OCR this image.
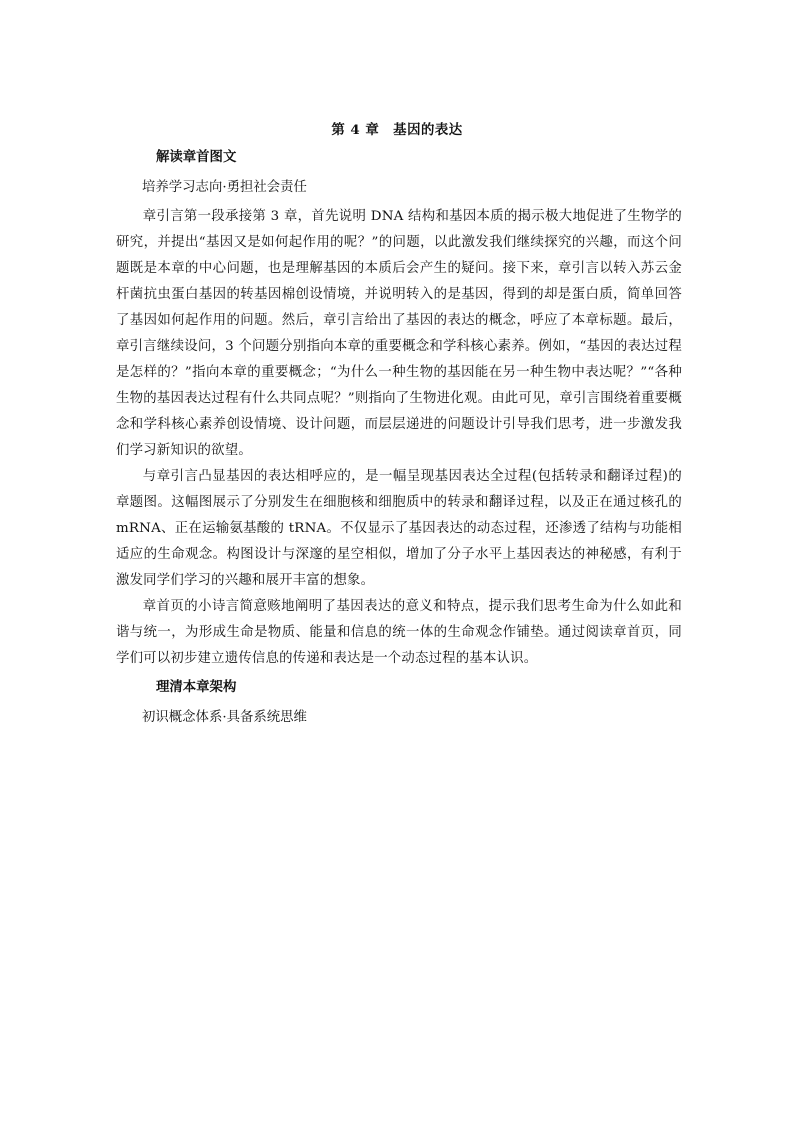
第 4 章　基因的表达
解读章首图文
培养学习志向·勇担社会责任

章引言第一段承接第 3 章，首先说明 DNA 结构和基因本质的揭示极大地促进了生物学的研究，并提出“基因又是如何起作用的呢？”的问题，以此激发我们继续探究的兴趣，而这个问题既是本章的中心问题，也是理解基因的本质后会产生的疑问。接下来，章引言以转入苏云金杆菌抗虫蛋白基因的转基因棉创设情境，并说明转入的是基因，得到的却是蛋白质，简单回答了基因如何起作用的问题。然后，章引言给出了基因的表达的概念，呼应了本章标题。最后，章引言继续设问，3 个问题分别指向本章的重要概念和学科核心素养。例如，“基因的表达过程是怎样的？”指向本章的重要概念；“为什么一种生物的基因能在另一种生物中表达呢？”“各种生物的基因表达过程有什么共同点呢？”则指向了生物进化观。由此可见，章引言围绕着重要概念和学科核心素养创设情境、设计问题，而层层递进的问题设计引导我们思考，进一步激发我们学习新知识的欲望。

与章引言凸显基因的表达相呼应的，是一幅呈现基因表达全过程(包括转录和翻译过程)的章题图。这幅图展示了分别发生在细胞核和细胞质中的转录和翻译过程，以及正在通过核孔的 mRNA、正在运输氨基酸的 tRNA。不仅显示了基因表达的动态过程，还渗透了结构与功能相适应的生命观念。构图设计与深邃的星空相似，增加了分子水平上基因表达的神秘感，有利于激发同学们学习的兴趣和展开丰富的想象。

章首页的小诗言简意赅地阐明了基因表达的意义和特点，提示我们思考生命为什么如此和谐与统一，为形成生命是物质、能量和信息的统一体的生命观念作铺垫。通过阅读章首页，同学们可以初步建立遗传信息的传递和表达是一个动态过程的基本认识。

理清本章架构
初识概念体系·具备系统思维
